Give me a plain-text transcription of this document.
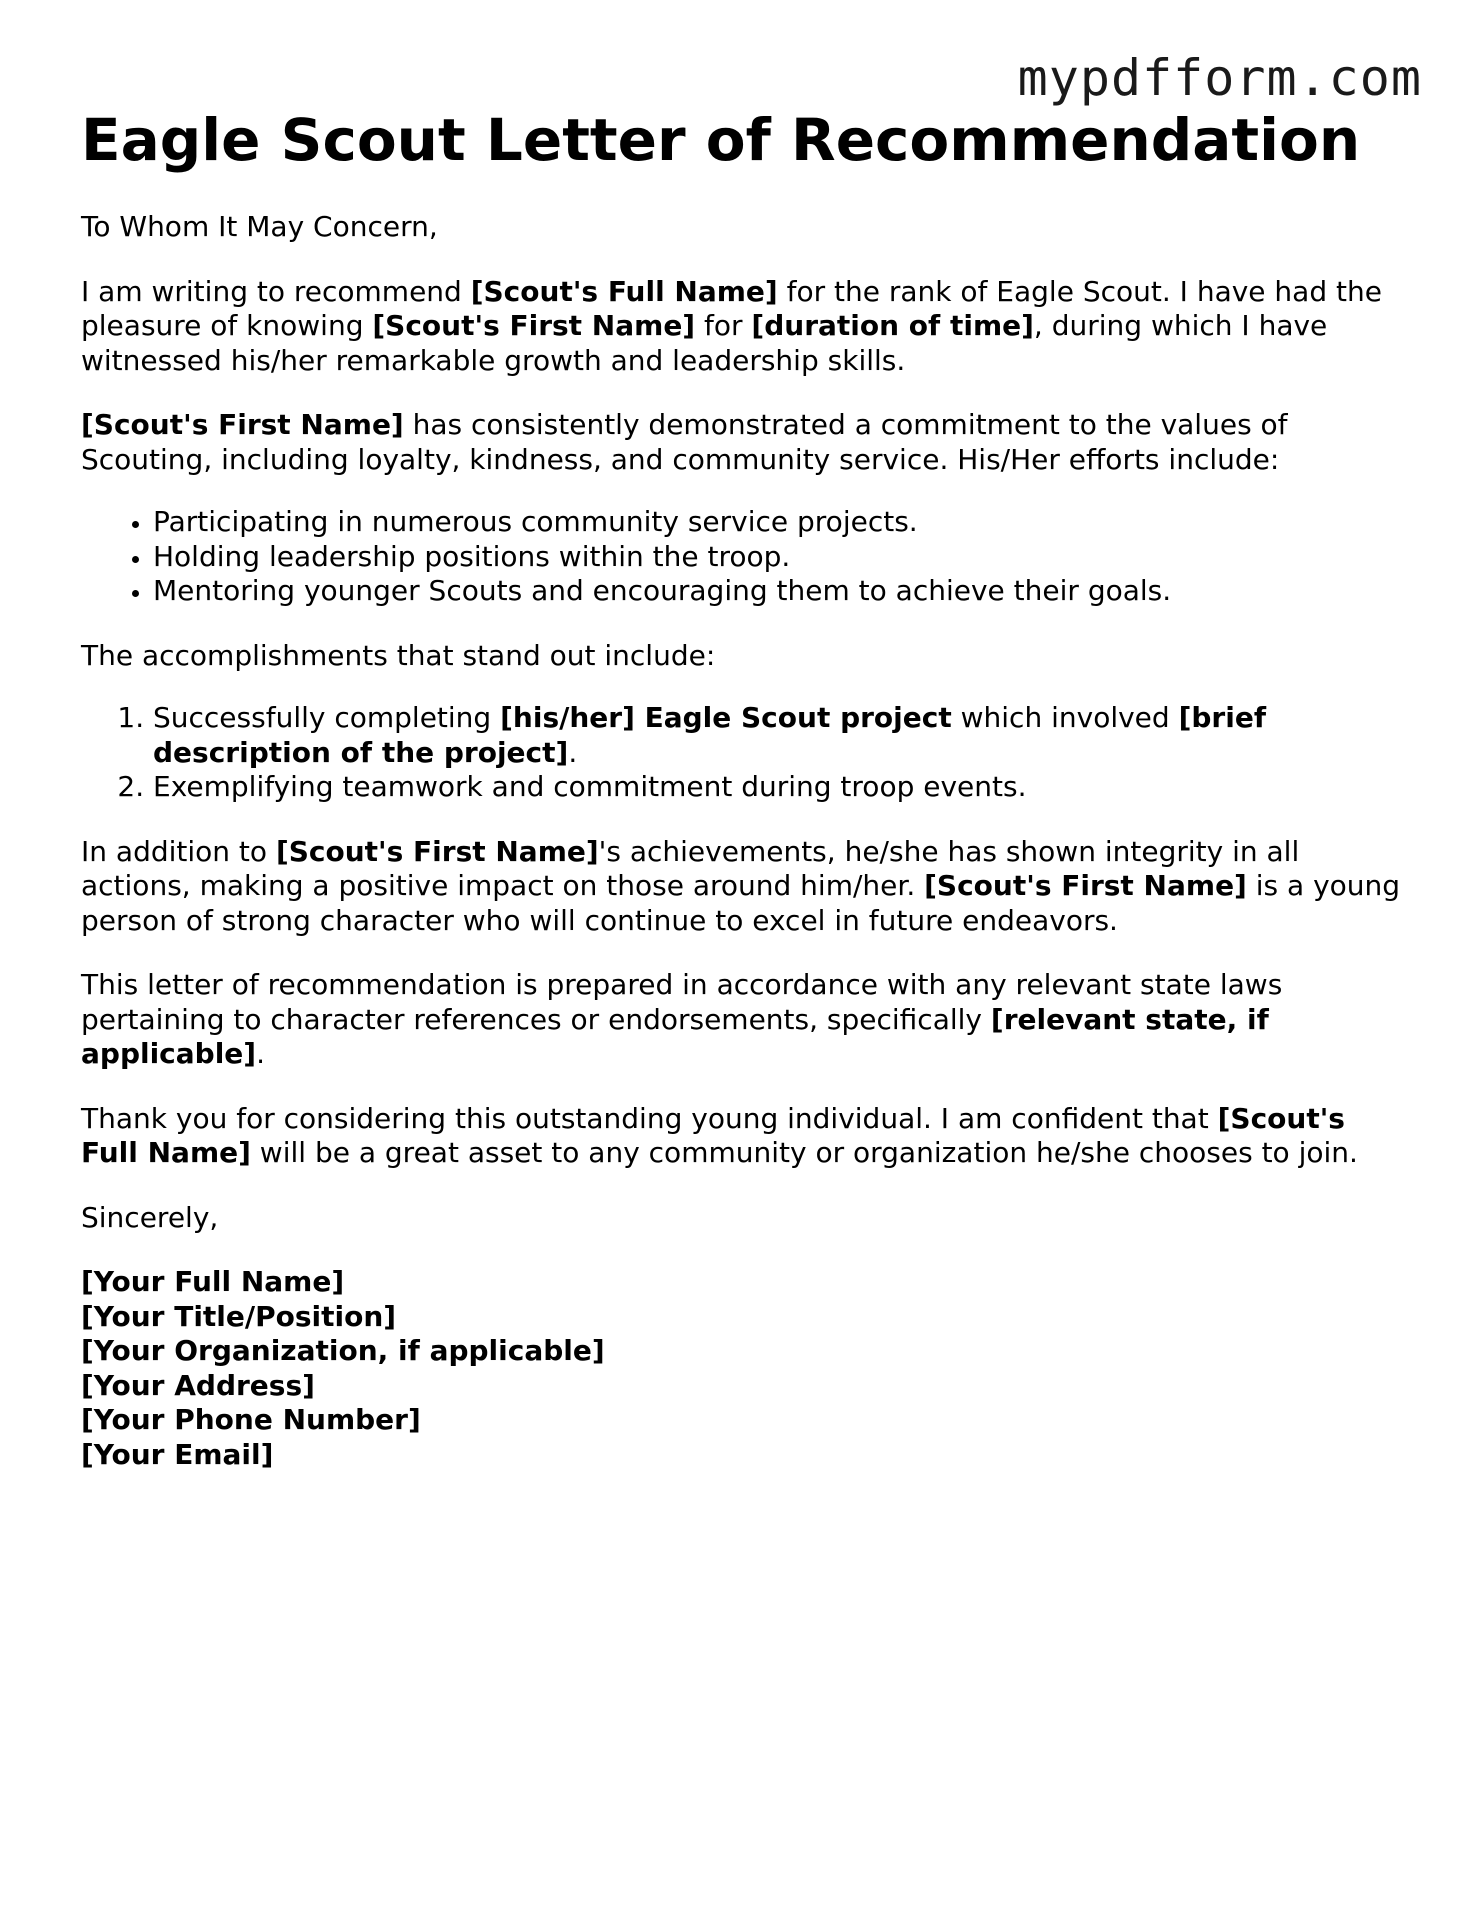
mypdfform.com
Eagle Scout Letter of Recommendation

To Whom It May Concern,

I am writing to recommend [Scout's Full Name] for the rank of Eagle Scout. I have had the pleasure of knowing [Scout's First Name] for [duration of time], during which I have witnessed his/her remarkable growth and leadership skills.

[Scout's First Name] has consistently demonstrated a commitment to the values of Scouting, including loyalty, kindness, and community service. His/Her efforts include:

• Participating in numerous community service projects.
• Holding leadership positions within the troop.
• Mentoring younger Scouts and encouraging them to achieve their goals.

The accomplishments that stand out include:

1. Successfully completing [his/her] Eagle Scout project which involved [brief description of the project].
2. Exemplifying teamwork and commitment during troop events.

In addition to [Scout's First Name]'s achievements, he/she has shown integrity in all actions, making a positive impact on those around him/her. [Scout's First Name] is a young person of strong character who will continue to excel in future endeavors.

This letter of recommendation is prepared in accordance with any relevant state laws pertaining to character references or endorsements, specifically [relevant state, if applicable].

Thank you for considering this outstanding young individual. I am confident that [Scout's Full Name] will be a great asset to any community or organization he/she chooses to join.

Sincerely,

[Your Full Name]
[Your Title/Position]
[Your Organization, if applicable]
[Your Address]
[Your Phone Number]
[Your Email]
